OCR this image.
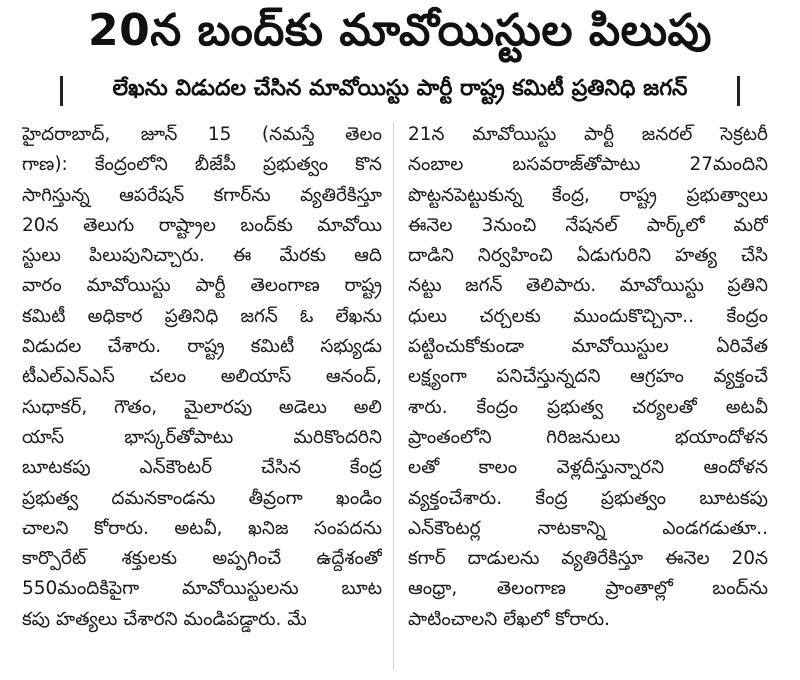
20న బంద్‌కు మావోయిస్టుల పిలుపు
లేఖను విడుదల చేసిన మావోయిస్టు పార్టీ రాష్ట్ర కమిటీ ప్రతినిధి జగన్
హైదరాబాద్, జూన్ 15 (నమస్తే తెలం
గాణ): కేంద్రంలోని బీజేపీ ప్రభుత్వం కొన
సాగిస్తున్న ఆపరేషన్ కగార్‌ను వ్యతిరేకిస్తూ
20న తెలుగు రాష్ట్రాల బంద్‌కు మావోయి
స్టులు పిలుపునిచ్చారు. ఈ మేరకు ఆది
వారం మావోయిస్టు పార్టీ తెలంగాణ రాష్ట్ర
కమిటీ అధికార ప్రతినిధి జగన్ ఓ లేఖను
విడుదల చేశారు. రాష్ట్ర కమిటీ సభ్యుడు
టీఎల్ఎన్ఎస్ చలం అలియాస్ ఆనంద్,
సుధాకర్, గౌతం, మైలారపు అడెలు అలి
యాస్ భాస్కర్‌తోపాటు మరికొందరిని
బూటకపు ఎన్‌కౌంటర్ చేసిన కేంద్ర
ప్రభుత్వ దమనకాండను తీవ్రంగా ఖండిం
చాలని కోరారు. అటవీ, ఖనిజ సంపదను
కార్పొరేట్ శక్తులకు అప్పగించే ఉద్దేశంతో
550మందికిపైగా మావోయిస్టులను బూట
కపు హత్యలు చేశారని మండిపడ్డారు. మే
21న మావోయిస్టు పార్టీ జనరల్ సెక్రటరీ
నంబాల బసవరాజ్‌తోపాటు 27మందిని
పొట్టనపెట్టుకున్న కేంద్ర, రాష్ట్ర ప్రభుత్వాలు
ఈనెల 3నుంచి నేషనల్ పార్క్‌లో మరో
దాడిని నిర్వహించి ఏడుగురిని హత్య చేసి
నట్టు జగన్ తెలిపారు. మావోయిస్టు ప్రతిని
ధులు చర్చలకు ముందుకొచ్చినా.. కేంద్రం
పట్టించుకోకుండా మావోయిస్టుల ఏరివేత
లక్ష్యంగా పనిచేస్తున్నదని ఆగ్రహం వ్యక్తంచే
శారు. కేంద్రం ప్రభుత్వ చర్యలతో అటవీ
ప్రాంతంలోని గిరిజనులు భయాందోళన
లతో కాలం వెళ్లదీస్తున్నారని ఆందోళన
వ్యక్తంచేశారు. కేంద్ర ప్రభుత్వం బూటకపు
ఎన్‌కౌంటర్ల నాటకాన్ని ఎండగడుతూ..
కగార్ దాడులను వ్యతిరేకిస్తూ ఈనెల 20న
ఆంధ్రా, తెలంగాణ ప్రాంతాల్లో బంద్‌ను
పాటించాలని లేఖలో కోరారు.
